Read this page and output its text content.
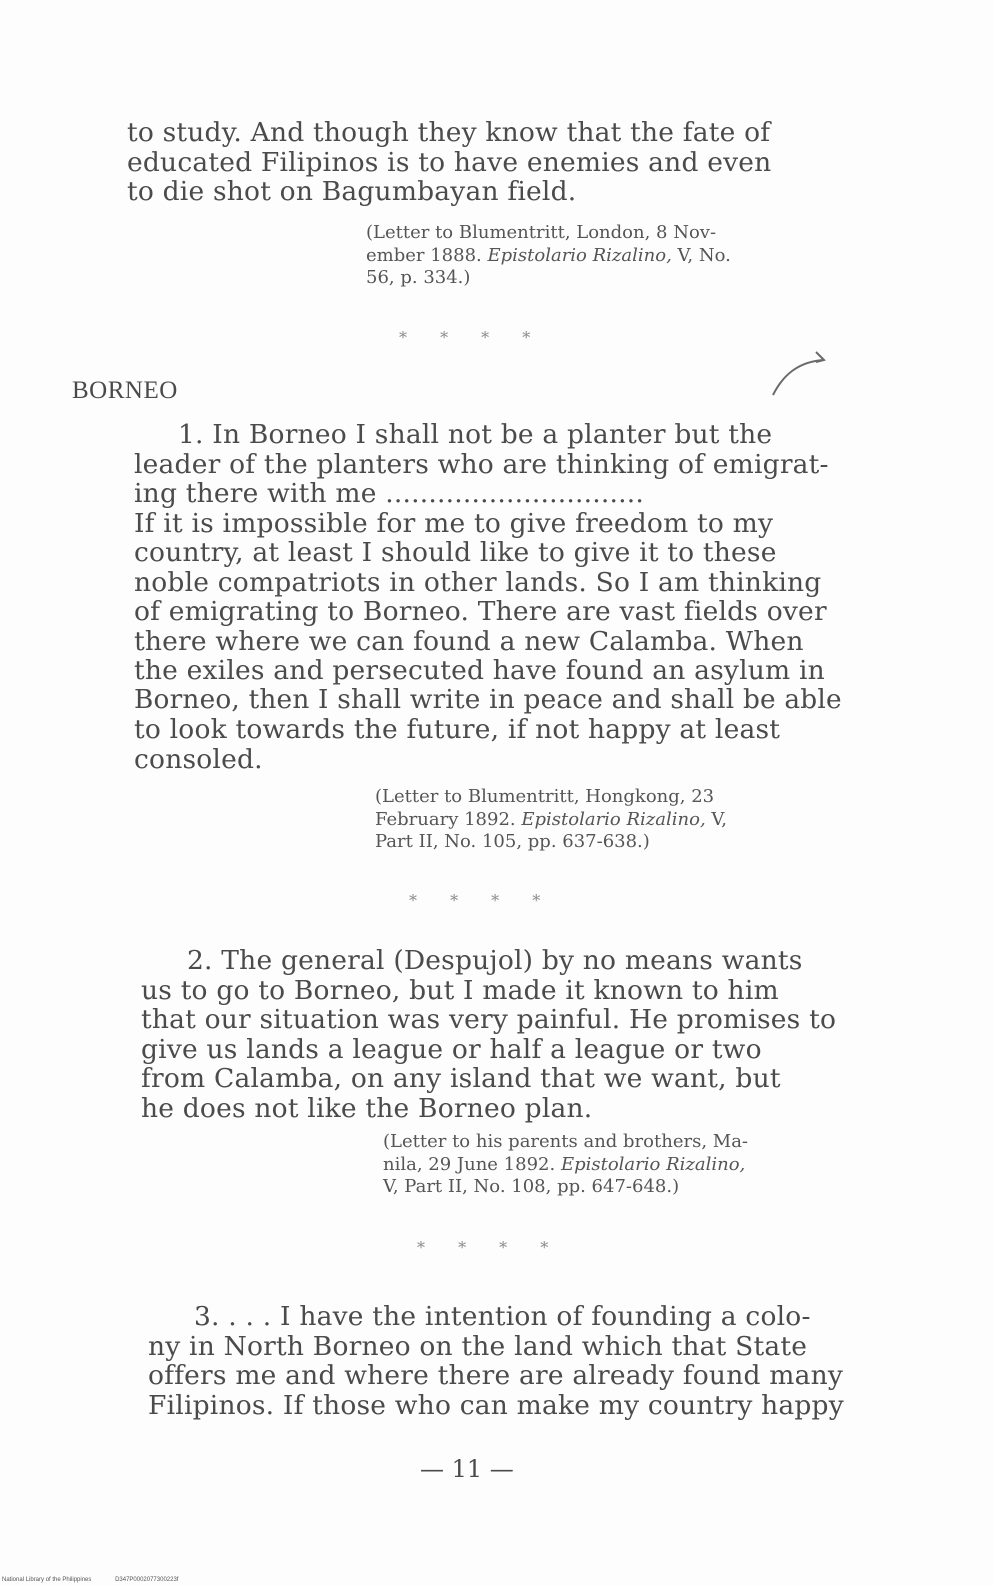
to study. And though they know that the fate of
educated Filipinos is to have enemies and even
to die shot on Bagumbayan field.

(Letter to Blumentritt, London, 8 Nov-
ember 1888. Epistolario Rizalino, V, No.
56, p. 334.)

* * * *
BORNEO

1. In Borneo I shall not be a planter but the
leader of the planters who are thinking of emigrat-
ing there with me ..............................
If it is impossible for me to give freedom to my
country, at least I should like to give it to these
noble compatriots in other lands. So I am thinking
of emigrating to Borneo. There are vast fields over
there where we can found a new Calamba. When
the exiles and persecuted have found an asylum in
Borneo, then I shall write in peace and shall be able
to look towards the future, if not happy at least
consoled.

(Letter to Blumentritt, Hongkong, 23
February 1892. Epistolario Rizalino, V,
Part II, No. 105, pp. 637-638.)

* * * *

2. The general (Despujol) by no means wants
us to go to Borneo, but I made it known to him
that our situation was very painful. He promises to
give us lands a league or half a league or two
from Calamba, on any island that we want, but
he does not like the Borneo plan.

(Letter to his parents and brothers, Ma-
nila, 29 June 1892. Epistolario Rizalino,
V, Part II, No. 108, pp. 647-648.)

* * * *

3. . . . I have the intention of founding a colo-
ny in North Borneo on the land which that State
offers me and where there are already found many
Filipinos. If those who can make my country happy

— 11 —
National Library of the Philippines	D347P0002077300223f
